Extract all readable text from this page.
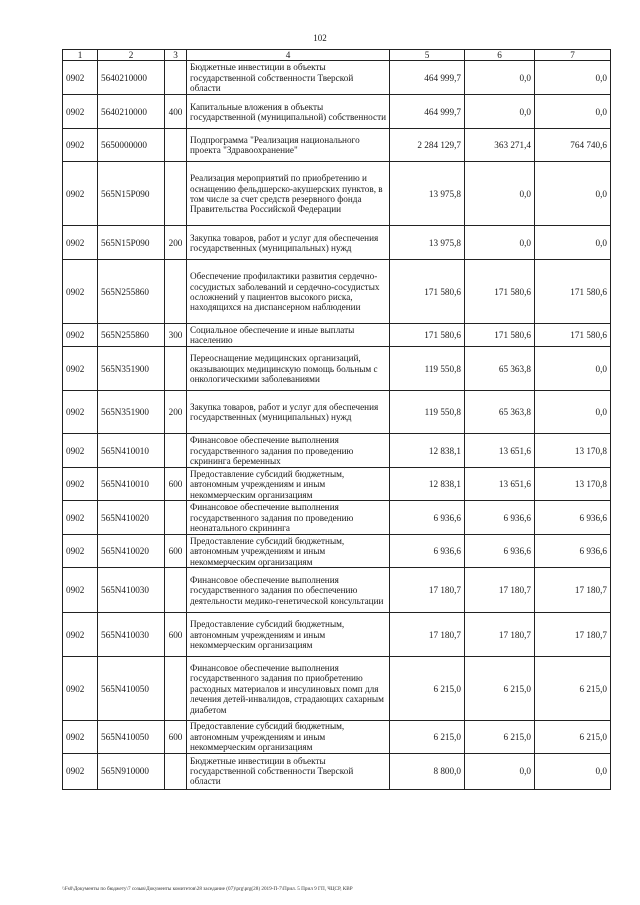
102
1	2	3	4	5	6	7
0902	5640210000		Бюджетные инвестиции в объекты государственной собственности Тверской области	464 999,7	0,0	0,0
0902	5640210000	400	Капитальные вложения в объекты государственной (муниципальной) собственности	464 999,7	0,0	0,0
0902	5650000000		Подпрограмма "Реализация национального проекта "Здравоохранение"	2 284 129,7	363 271,4	764 740,6
0902	565N15P090		Реализация мероприятий по приобретению и оснащению фельдшерско-акушерских пунктов, в том числе за счет средств резервного фонда Правительства Российской Федерации	13 975,8	0,0	0,0
0902	565N15P090	200	Закупка товаров, работ и услуг для обеспечения государственных (муниципальных) нужд	13 975,8	0,0	0,0
0902	565N255860		Обеспечение профилактики развития сердечно-сосудистых заболеваний и сердечно-сосудистых осложнений у пациентов высокого риска, находящихся на диспансерном наблюдении	171 580,6	171 580,6	171 580,6
0902	565N255860	300	Социальное обеспечение и иные выплаты населению	171 580,6	171 580,6	171 580,6
0902	565N351900		Переоснащение медицинских организаций, оказывающих медицинскую помощь больным с онкологическими заболеваниями	119 550,8	65 363,8	0,0
0902	565N351900	200	Закупка товаров, работ и услуг для обеспечения государственных (муниципальных) нужд	119 550,8	65 363,8	0,0
0902	565N410010		Финансовое обеспечение выполнения государственного задания по проведению скрининга беременных	12 838,1	13 651,6	13 170,8
0902	565N410010	600	Предоставление субсидий бюджетным, автономным учреждениям и иным некоммерческим организациям	12 838,1	13 651,6	13 170,8
0902	565N410020		Финансовое обеспечение выполнения государственного задания по проведению неонатального скрининга	6 936,6	6 936,6	6 936,6
0902	565N410020	600	Предоставление субсидий бюджетным, автономным учреждениям и иным некоммерческим организациям	6 936,6	6 936,6	6 936,6
0902	565N410030		Финансовое обеспечение выполнения государственного задания по обеспечению деятельности медико-генетической консультации	17 180,7	17 180,7	17 180,7
0902	565N410030	600	Предоставление субсидий бюджетным, автономным учреждениям и иным некоммерческим организациям	17 180,7	17 180,7	17 180,7
0902	565N410050		Финансовое обеспечение выполнения государственного задания по приобретению расходных материалов и инсулиновых помп для лечения детей-инвалидов, страдающих сахарным диабетом	6 215,0	6 215,0	6 215,0
0902	565N410050	600	Предоставление субсидий бюджетным, автономным учреждениям и иным некоммерческим организациям	6 215,0	6 215,0	6 215,0
0902	565N910000		Бюджетные инвестиции в объекты государственной собственности Тверской области	8 800,0	0,0	0,0
\\Fs0\Документы по бюджету\7 созыв\Документы комитетов\28 заседание (07)\prg\prg(28) 2019-П-7\Прил. 5 Прил 9 ГП, ЧЦСР, КВР
